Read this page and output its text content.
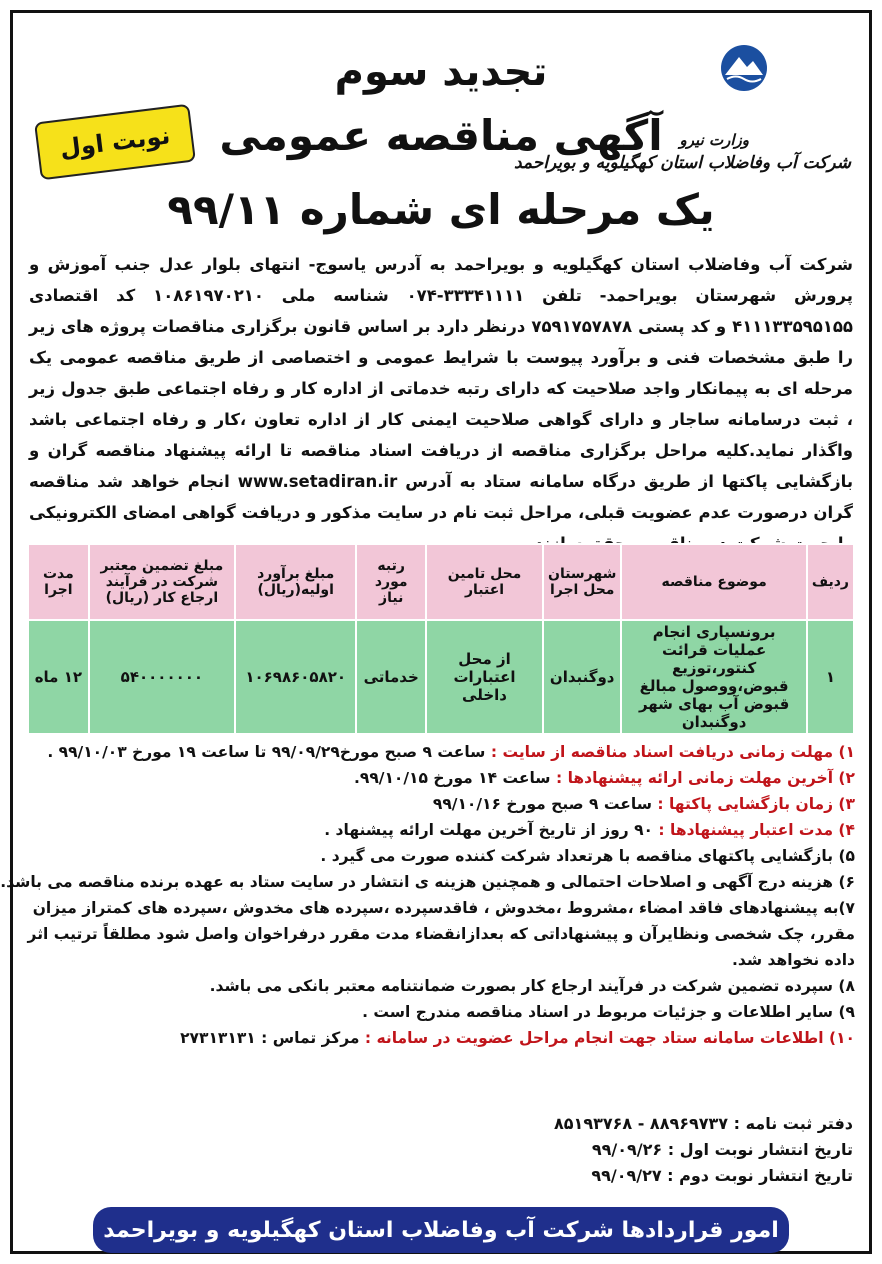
وزارت نیرو
شرکت آب وفاضلاب استان کهگیلویه و بویراحمد
نوبت اول
تجدید سوم
آگهی مناقصه عمومی
یک مرحله ای شماره ۹۹/۱۱
شرکت آب وفاضلاب استان کهگیلویه و بویراحمد به آدرس یاسوج- انتهای بلوار عدل جنب آموزش و پرورش شهرستان بویراحمد- تلفن ۳۳۳۴۱۱۱۱-۰۷۴ شناسه ملی ۱۰۸۶۱۹۷۰۲۱۰ کد اقتصادی ۴۱۱۱۳۳۵۹۵۱۵۵ و کد پستی ۷۵۹۱۷۵۷۸۷۸ درنظر دارد بر اساس قانون برگزاری مناقصات پروژه های زیر را طبق مشخصات فنی و برآورد پیوست با شرایط عمومی و اختصاصی از طریق مناقصه عمومی یک مرحله ای به پیمانکار واجد صلاحیت که دارای رتبه خدماتی از اداره کار و رفاه اجتماعی طبق جدول زیر ، ثبت درسامانه ساجار و دارای گواهی صلاحیت ایمنی کار از اداره تعاون ،کار و رفاه اجتماعی باشد واگذار نماید.کلیه مراحل برگزاری مناقصه از دریافت اسناد مناقصه تا ارائه پیشنهاد مناقصه گران و بازگشایی پاکتها از طریق درگاه سامانه ستاد به آدرس www.setadiran.ir انجام خواهد شد مناقصه گران درصورت عدم عضویت قبلی، مراحل ثبت نام در سایت مذکور و دریافت گواهی امضای الکترونیکی
ردیف	موضوع مناقصه	شهرستان محل اجرا	محل تامین اعتبار	رتبه مورد نیاز	مبلغ برآورد اولیه(ریال)	مبلغ تضمین معتبر شرکت در فرآیند ارجاع کار (ریال)	مدت اجرا
۱	برونسپاری انجام عملیات قرائت کنتور،توزیع قبوض،ووصول مبالغ قبوض آب بهای شهر دوگنبدان	دوگنبدان	از محل اعتبارات داخلی	خدماتی	۱۰۶۹۸۶۰۵۸۲۰	۵۴۰۰۰۰۰۰۰	۱۲ ماه
۱) مهلت زمانی دریافت اسناد مناقصه از سایت : ساعت ۹ صبح مورخ۹۹/۰۹/۲۹ تا ساعت ۱۹ مورخ ۹۹/۱۰/۰۳ .
۲) آخرین مهلت زمانی ارائه پیشنهادها : ساعت ۱۴ مورخ ۹۹/۱۰/۱۵.
۳) زمان بازگشایی پاکتها : ساعت ۹ صبح مورخ ۹۹/۱۰/۱۶
۴) مدت اعتبار پیشنهادها : ۹۰ روز از تاریخ آخرین مهلت ارائه پیشنهاد .
۵) بازگشایی پاکتهای مناقصه با هرتعداد شرکت کننده صورت می گیرد .
۶) هزینه درج آگهی و اصلاحات احتمالی و همچنین هزینه ی انتشار در سایت ستاد به عهده برنده مناقصه می باشد.
۷)به پیشنهادهای فاقد امضاء ،مشروط ،مخدوش ، فاقدسپرده ،سپرده های مخدوش ،سپرده های کمتراز میزان مقرر، چک شخصی ونظایرآن و پیشنهاداتی که بعدازانقضاء مدت مقرر درفراخوان واصل شود مطلقاً ترتیب اثر داده نخواهد شد.
۸) سپرده تضمین شرکت در فرآیند ارجاع کار بصورت ضمانتنامه معتبر بانکی می باشد.
۹) سایر اطلاعات و جزئیات مربوط در اسناد مناقصه مندرج است .
۱۰) اطلاعات سامانه ستاد جهت انجام مراحل عضویت در سامانه : مرکز تماس : ۲۷۳۱۳۱۳۱
دفتر ثبت نامه : ۸۸۹۶۹۷۳۷ - ۸۵۱۹۳۷۶۸
تاریخ انتشار نوبت اول : ۹۹/۰۹/۲۶
تاریخ انتشار نوبت دوم : ۹۹/۰۹/۲۷
امور قراردادها شرکت آب وفاضلاب استان کهگیلویه و بویراحمد
